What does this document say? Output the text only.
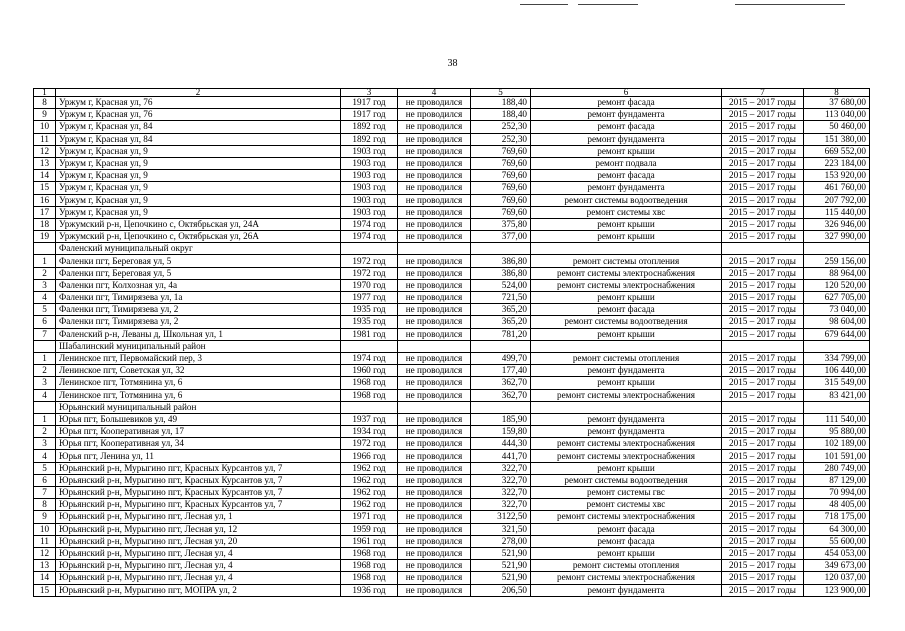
38
1	2	3	4	5	6	7	8
8	Уржум г, Красная ул, 76	1917 год	не проводился	188,40	ремонт фасада	2015 – 2017 годы	37 680,00
9	Уржум г, Красная ул, 76	1917 год	не проводился	188,40	ремонт фундамента	2015 – 2017 годы	113 040,00
10	Уржум г, Красная ул, 84	1892 год	не проводился	252,30	ремонт фасада	2015 – 2017 годы	50 460,00
11	Уржум г, Красная ул, 84	1892 год	не проводился	252,30	ремонт фундамента	2015 – 2017 годы	151 380,00
12	Уржум г, Красная ул, 9	1903 год	не проводился	769,60	ремонт крыши	2015 – 2017 годы	669 552,00
13	Уржум г, Красная ул, 9	1903 год	не проводился	769,60	ремонт подвала	2015 – 2017 годы	223 184,00
14	Уржум г, Красная ул, 9	1903 год	не проводился	769,60	ремонт фасада	2015 – 2017 годы	153 920,00
15	Уржум г, Красная ул, 9	1903 год	не проводился	769,60	ремонт фундамента	2015 – 2017 годы	461 760,00
16	Уржум г, Красная ул, 9	1903 год	не проводился	769,60	ремонт системы водоотведения	2015 – 2017 годы	207 792,00
17	Уржум г, Красная ул, 9	1903 год	не проводился	769,60	ремонт системы хвс	2015 – 2017 годы	115 440,00
18	Уржумский р-н, Цепочкино с, Октябрьская ул, 24А	1974 год	не проводился	375,80	ремонт крыши	2015 – 2017 годы	326 946,00
19	Уржумский р-н, Цепочкино с, Октябрьская ул, 26А	1974 год	не проводился	377,00	ремонт крыши	2015 – 2017 годы	327 990,00
	Фаленский муниципальный округ						
1	Фаленки пгт, Береговая ул, 5	1972 год	не проводился	386,80	ремонт системы отопления	2015 – 2017 годы	259 156,00
2	Фаленки пгт, Береговая ул, 5	1972 год	не проводился	386,80	ремонт системы электроснабжения	2015 – 2017 годы	88 964,00
3	Фаленки пгт, Колхозная ул, 4а	1970 год	не проводился	524,00	ремонт системы электроснабжения	2015 – 2017 годы	120 520,00
4	Фаленки пгт, Тимирязева ул, 1а	1977 год	не проводился	721,50	ремонт крыши	2015 – 2017 годы	627 705,00
5	Фаленки пгт, Тимирязева ул, 2	1935 год	не проводился	365,20	ремонт фасада	2015 – 2017 годы	73 040,00
6	Фаленки пгт, Тимирязева ул, 2	1935 год	не проводился	365,20	ремонт системы водоотведения	2015 – 2017 годы	98 604,00
7	Фаленский р-н, Леваны д, Школьная ул, 1	1981 год	не проводился	781,20	ремонт крыши	2015 – 2017 годы	679 644,00
	Шабалинский муниципальный район						
1	Ленинское пгт, Первомайский пер, 3	1974 год	не проводился	499,70	ремонт системы отопления	2015 – 2017 годы	334 799,00
2	Ленинское пгт, Советская ул, 32	1960 год	не проводился	177,40	ремонт фундамента	2015 – 2017 годы	106 440,00
3	Ленинское пгт, Тотмянина ул, 6	1968 год	не проводился	362,70	ремонт крыши	2015 – 2017 годы	315 549,00
4	Ленинское пгт, Тотмянина ул, 6	1968 год	не проводился	362,70	ремонт системы электроснабжения	2015 – 2017 годы	83 421,00
	Юрьянский муниципальный район						
1	Юрья пгт, Большевиков ул, 49	1937 год	не проводился	185,90	ремонт фундамента	2015 – 2017 годы	111 540,00
2	Юрья пгт, Кооперативная ул, 17	1934 год	не проводился	159,80	ремонт фундамента	2015 – 2017 годы	95 880,00
3	Юрья пгт, Кооперативная ул, 34	1972 год	не проводился	444,30	ремонт системы электроснабжения	2015 – 2017 годы	102 189,00
4	Юрья пгт, Ленина ул, 11	1966 год	не проводился	441,70	ремонт системы электроснабжения	2015 – 2017 годы	101 591,00
5	Юрьянский р-н, Мурыгино пгт, Красных Курсантов ул, 7	1962 год	не проводился	322,70	ремонт крыши	2015 – 2017 годы	280 749,00
6	Юрьянский р-н, Мурыгино пгт, Красных Курсантов ул, 7	1962 год	не проводился	322,70	ремонт системы водоотведения	2015 – 2017 годы	87 129,00
7	Юрьянский р-н, Мурыгино пгт, Красных Курсантов ул, 7	1962 год	не проводился	322,70	ремонт системы гвс	2015 – 2017 годы	70 994,00
8	Юрьянский р-н, Мурыгино пгт, Красных Курсантов ул, 7	1962 год	не проводился	322,70	ремонт системы хвс	2015 – 2017 годы	48 405,00
9	Юрьянский р-н, Мурыгино пгт, Лесная ул, 1	1971 год	не проводился	3122,50	ремонт системы электроснабжения	2015 – 2017 годы	718 175,00
10	Юрьянский р-н, Мурыгино пгт, Лесная ул, 12	1959 год	не проводился	321,50	ремонт фасада	2015 – 2017 годы	64 300,00
11	Юрьянский р-н, Мурыгино пгт, Лесная ул, 20	1961 год	не проводился	278,00	ремонт фасада	2015 – 2017 годы	55 600,00
12	Юрьянский р-н, Мурыгино пгт, Лесная ул, 4	1968 год	не проводился	521,90	ремонт крыши	2015 – 2017 годы	454 053,00
13	Юрьянский р-н, Мурыгино пгт, Лесная ул, 4	1968 год	не проводился	521,90	ремонт системы отопления	2015 – 2017 годы	349 673,00
14	Юрьянский р-н, Мурыгино пгт, Лесная ул, 4	1968 год	не проводился	521,90	ремонт системы электроснабжения	2015 – 2017 годы	120 037,00
15	Юрьянский р-н, Мурыгино пгт, МОПРА ул, 2	1936 год	не проводился	206,50	ремонт фундамента	2015 – 2017 годы	123 900,00
